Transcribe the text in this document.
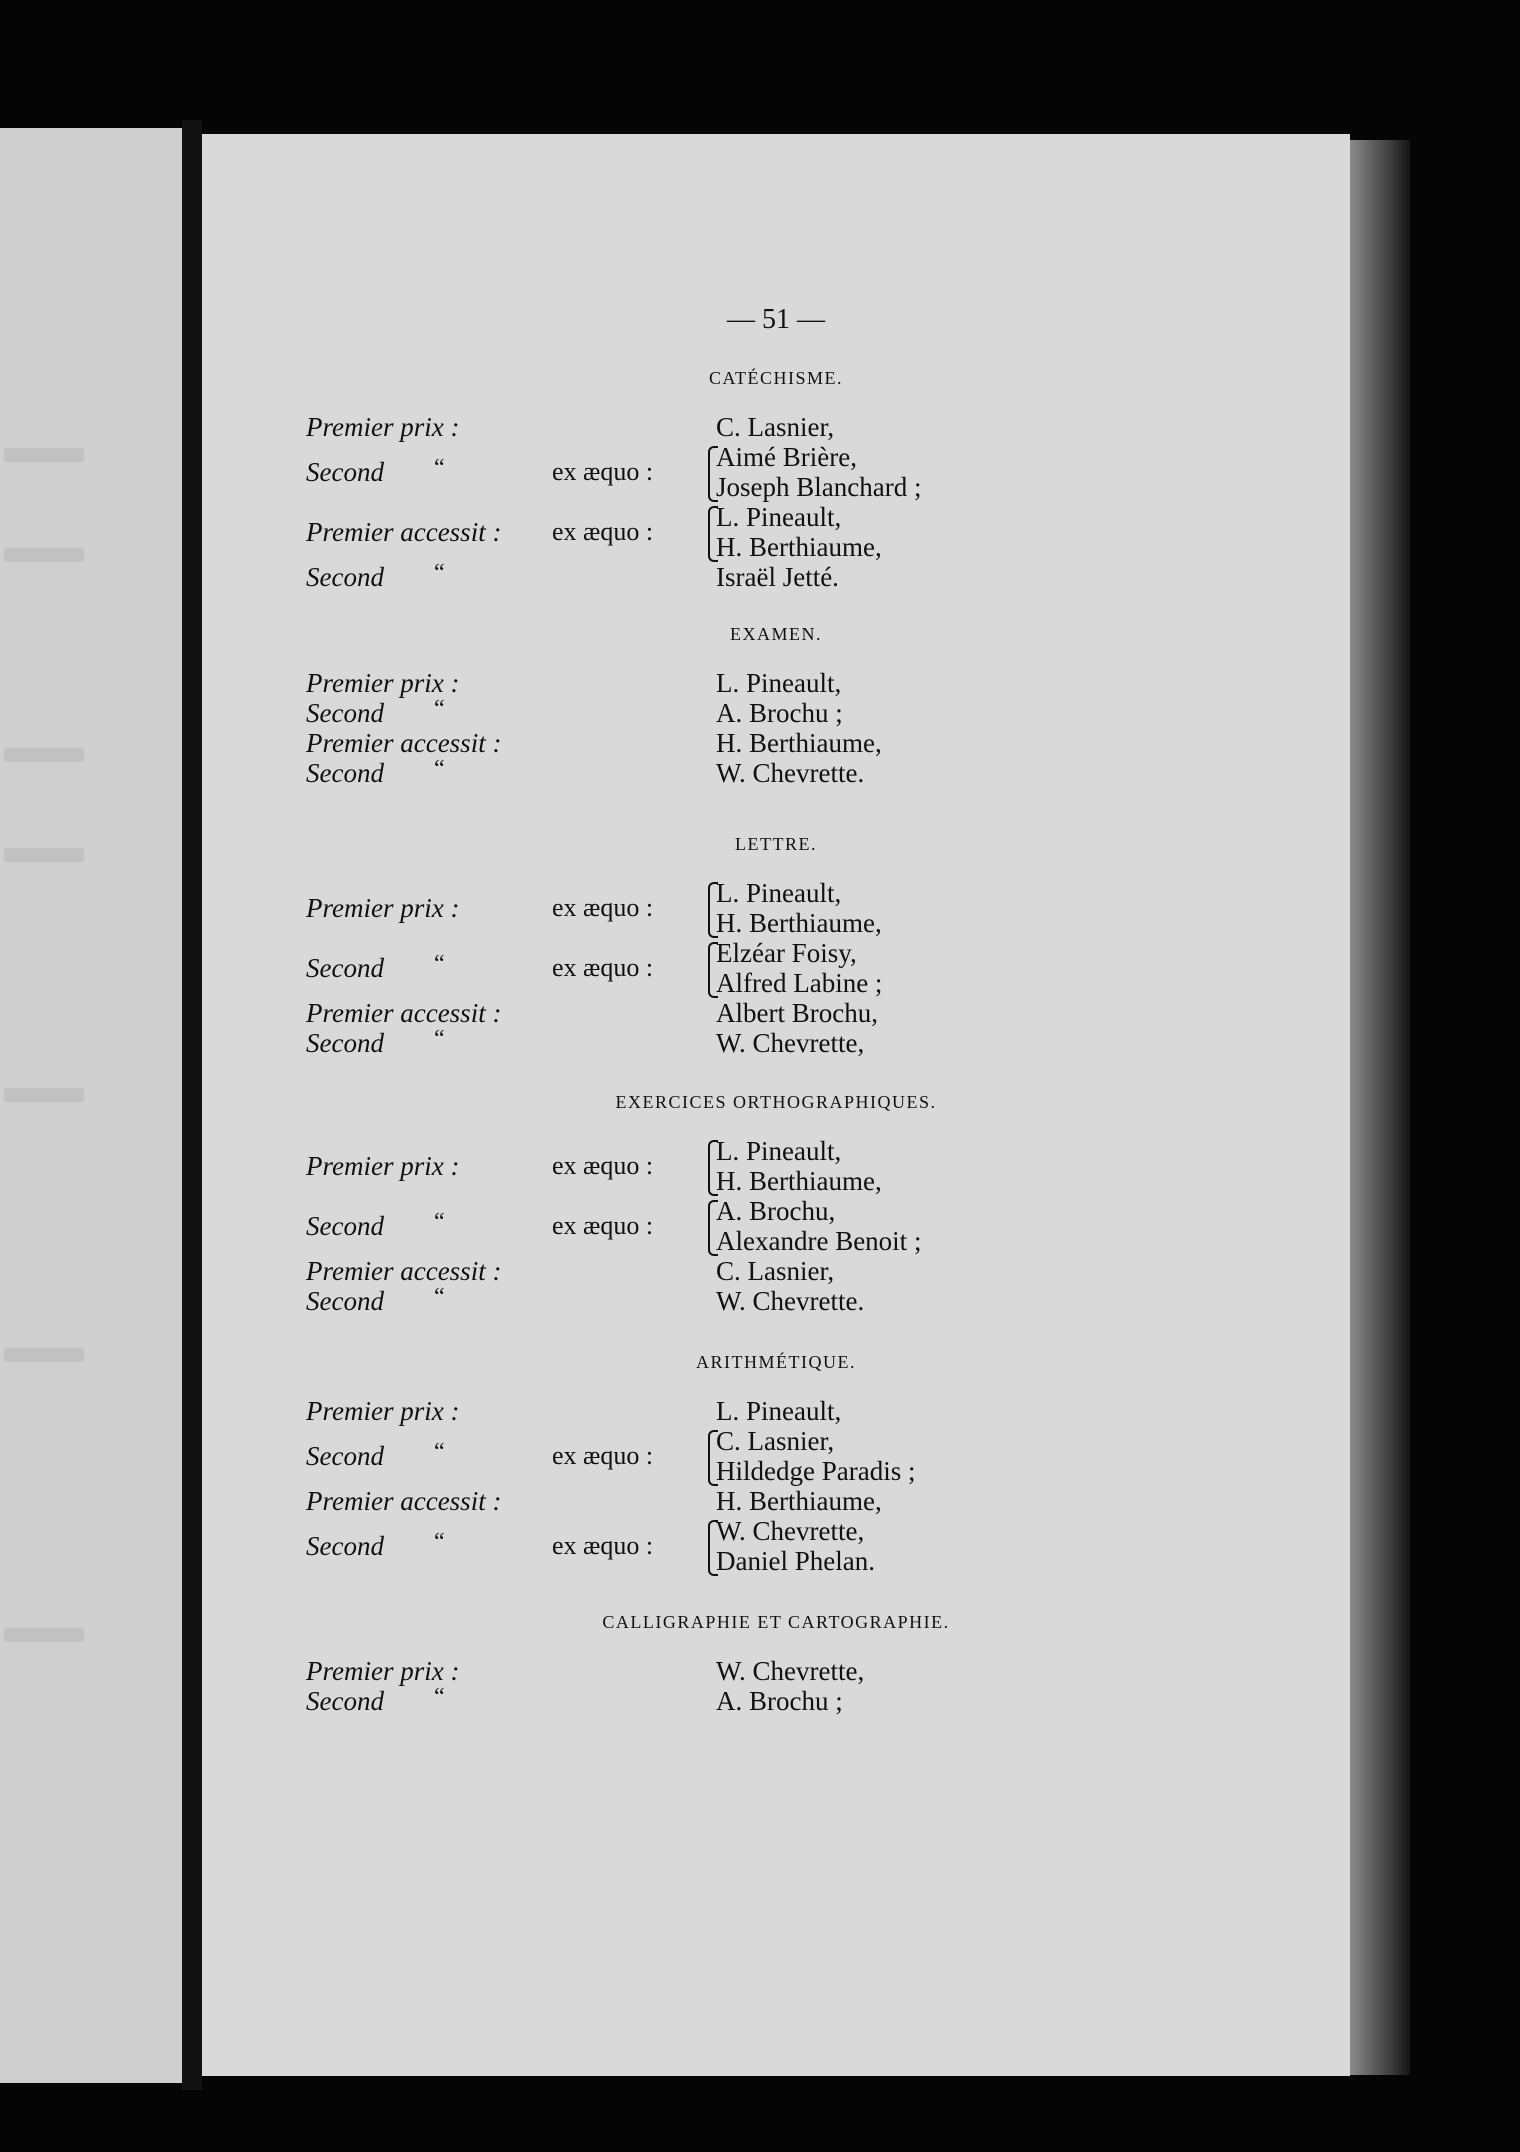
— 51 —
CATÉCHISME.
Premier prix :	C. Lasnier,
Second “	ex æquo : Aimé Brière,
Joseph Blanchard ;
Premier accessit : ex æquo : L. Pineault,
H. Berthiaume,
Second “	Israël Jetté.
EXAMEN.
Premier prix :	L. Pineault,
Second “	A. Brochu ;
Premier accessit :	H. Berthiaume,
Second “	W. Chevrette.
LETTRE.
Premier prix :	ex æquo : L. Pineault,
H. Berthiaume,
Second “	ex æquo : Elzéar Foisy,
Alfred Labine ;
Premier accessit :	Albert Brochu,
Second “	W. Chevrette,
EXERCICES ORTHOGRAPHIQUES.
Premier prix :	ex æquo : L. Pineault,
H. Berthiaume,
Second “	ex æquo : A. Brochu,
Alexandre Benoit ;
Premier accessit :	C. Lasnier,
Second “	W. Chevrette.
ARITHMÉTIQUE.
Premier prix :	L. Pineault,
Second “	ex æquo : C. Lasnier,
Hildedge Paradis ;
Premier accessit :	H. Berthiaume,
Second “	ex æquo : W. Chevrette,
Daniel Phelan.
CALLIGRAPHIE ET CARTOGRAPHIE.
Premier prix :	W. Chevrette,
Second “	A. Brochu ;
